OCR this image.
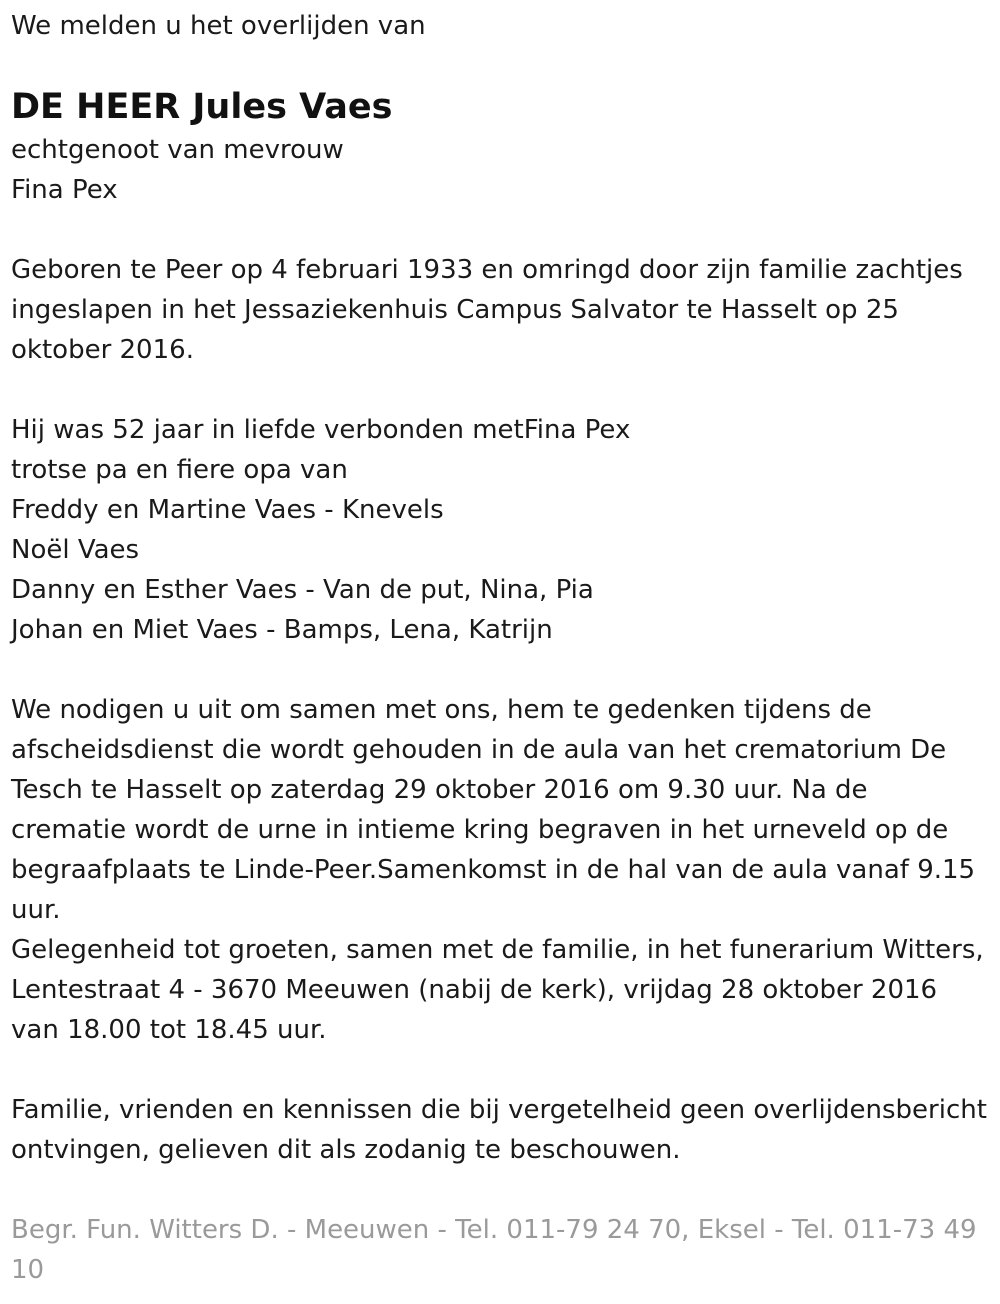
We melden u het overlijden van

DE HEER Jules Vaes

echtgenoot van mevrouw

Fina Pex

Geboren te Peer op 4 februari 1933 en omringd door zijn familie zachtjes ingeslapen in het Jessaziekenhuis Campus Salvator te Hasselt op 25 oktober 2016.

Hij was 52 jaar in liefde verbonden metFina Pex

trotse pa en fiere opa van

Freddy en Martine Vaes - Knevels

Noël Vaes

Danny en Esther Vaes - Van de put, Nina, Pia

Johan en Miet Vaes - Bamps, Lena, Katrijn

We nodigen u uit om samen met ons, hem te gedenken tijdens de afscheidsdienst die wordt gehouden in de aula van het crematorium De Tesch te Hasselt op zaterdag 29 oktober 2016 om 9.30 uur. Na de crematie wordt de urne in intieme kring begraven in het urneveld op de begraafplaats te Linde-Peer.Samenkomst in de hal van de aula vanaf 9.15 uur.

Gelegenheid tot groeten, samen met de familie, in het funerarium Witters, Lentestraat 4 - 3670 Meeuwen (nabij de kerk), vrijdag 28 oktober 2016 van 18.00 tot 18.45 uur.

Familie, vrienden en kennissen die bij vergetelheid geen overlijdensbericht ontvingen, gelieven dit als zodanig te beschouwen.

Begr. Fun. Witters D. - Meeuwen - Tel. 011-79 24 70, Eksel - Tel. 011-73 49 10
